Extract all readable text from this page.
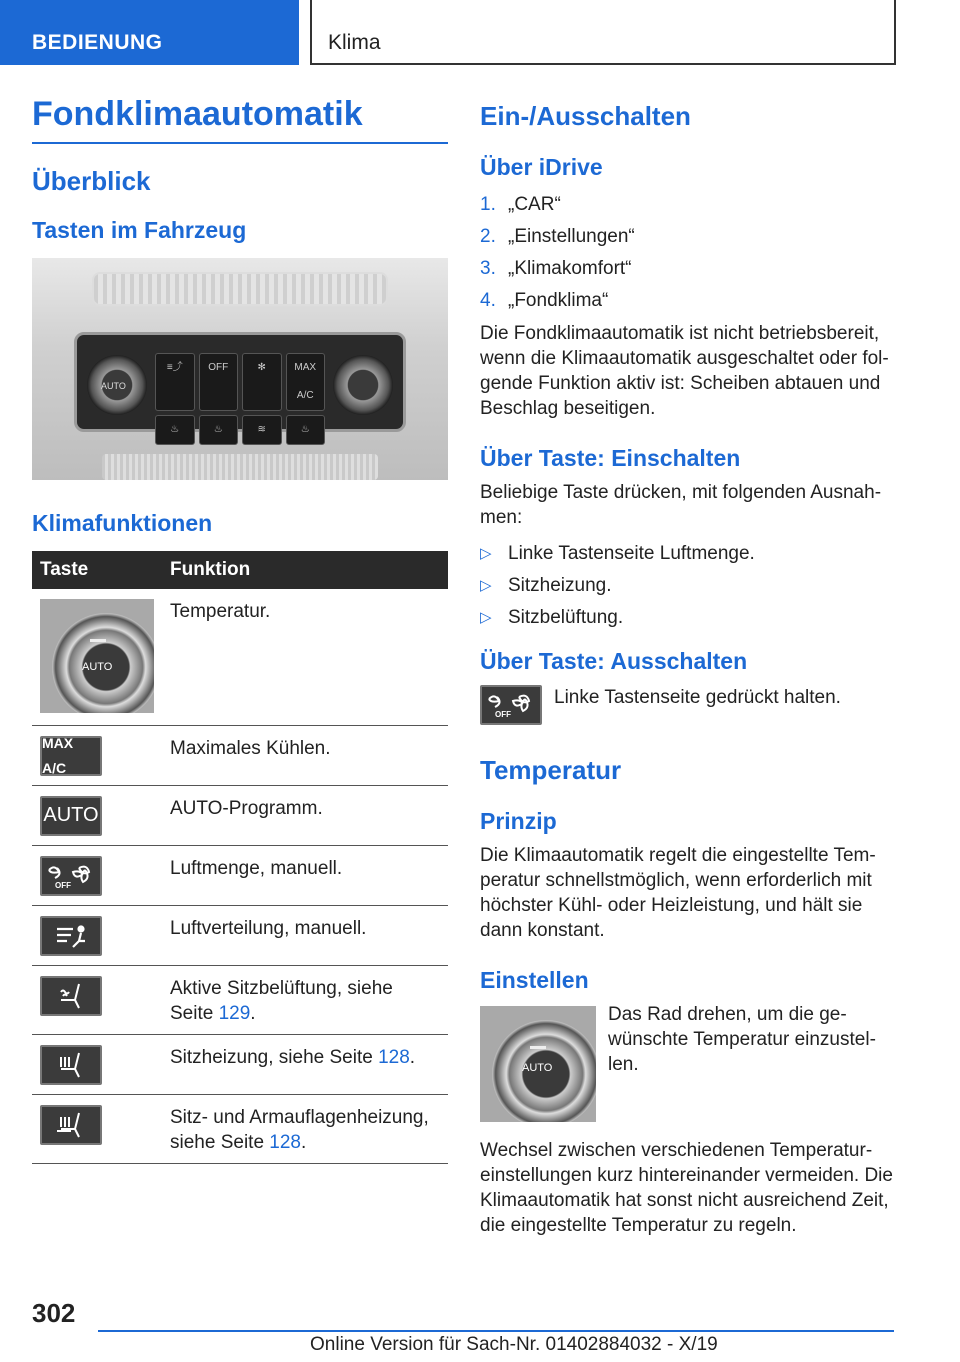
BEDIENUNG	Klima
Fondklimaautomatik
Überblick
Tasten im Fahrzeug
AUTO
≡⤴	OFF	✻	MAX A/C
♨	♨	≋	♨
Klimafunktionen
Taste	Funktion

AUTO	Temperatur.

MAX A/C	Maximales Kühlen.

AUTO	AUTO-Programm.

OFF	Luftmenge, manuell.

	Luftverteilung, manuell.

	Aktive Sitzbelüftung, siehe Seite 129.

	Sitzheizung, siehe Seite 128.

	Sitz- und Armauflagenheizung, siehe Seite 128.
Ein-/Ausschalten
Über iDrive
1. „CAR“
2. „Einstellungen“
3. „Klimakomfort“
4. „Fondklima“

Die Fondklimaautomatik ist nicht betriebsbereit, wenn die Klimaautomatik ausgeschaltet oder folgende Funktion aktiv ist: Scheiben abtauen und Beschlag beseitigen.

Über Taste: Einschalten

Beliebige Taste drücken, mit folgenden Ausnahmen:

▷ Linke Tastenseite Luftmenge.
▷ Sitzheizung.
▷ Sitzbelüftung.
Über Taste: Ausschalten
OFF

Linke Tastenseite gedrückt halten.

Temperatur
Prinzip

Die Klimaautomatik regelt die eingestellte Temperatur schnellstmöglich, wenn erforderlich mit höchster Kühl- oder Heizleistung, und hält sie dann konstant.

Einstellen
AUTO

Das Rad drehen, um die gewünschte Temperatur einzustellen.

Wechsel zwischen verschiedenen Temperatureinstellungen kurz hintereinander vermeiden. Die Klimaautomatik hat sonst nicht ausreichend Zeit, die eingestellte Temperatur zu regeln.

302
Online Version für Sach-Nr. 01402884032 - X/19
